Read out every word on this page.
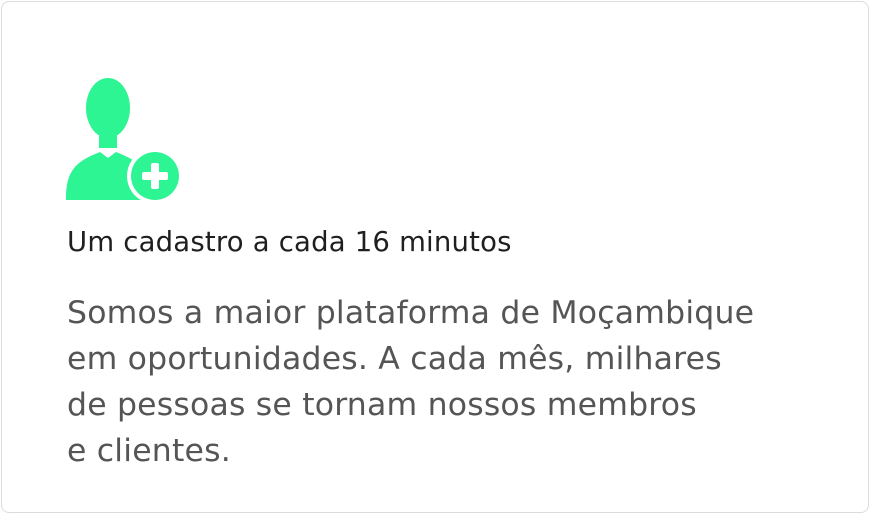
Um cadastro a cada 16 minutos

Somos a maior plataforma de Moçambique
em oportunidades. A cada mês, milhares
de pessoas se tornam nossos membros
e clientes.
